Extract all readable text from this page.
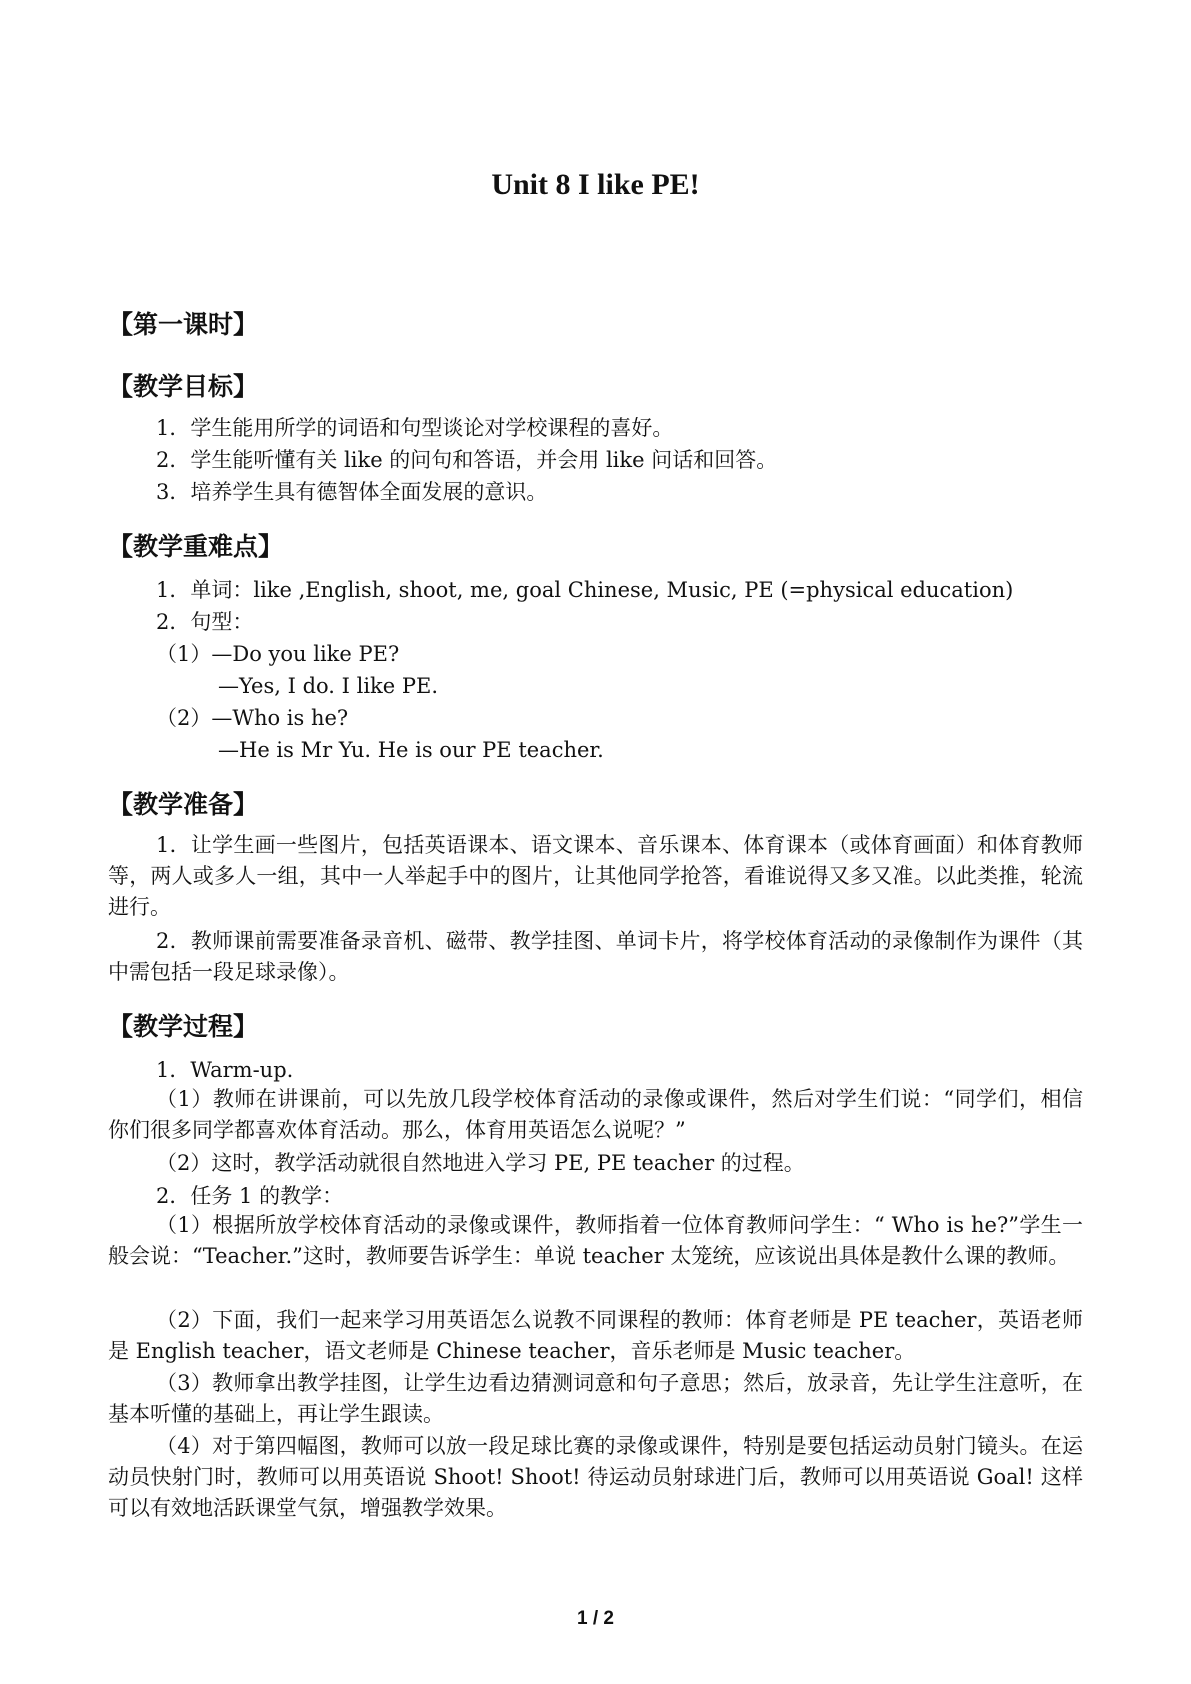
Unit 8 I like PE!
【第一课时】
【教学目标】
1．学生能用所学的词语和句型谈论对学校课程的喜好。
2．学生能听懂有关 like 的问句和答语，并会用 like 问话和回答。
3．培养学生具有德智体全面发展的意识。
【教学重难点】
1．单词：like ,English, shoot, me, goal Chinese, Music, PE (=physical education)
2．句型：
（1）—Do you like PE?
—Yes, I do. I like PE.
（2）—Who is he?
—He is Mr Yu. He is our PE teacher.
【教学准备】
1．让学生画一些图片，包括英语课本、语文课本、音乐课本、体育课本（或体育画面）和体育教师等，两人或多人一组，其中一人举起手中的图片，让其他同学抢答，看谁说得又多又准。以此类推，轮流进行。
2．教师课前需要准备录音机、磁带、教学挂图、单词卡片，将学校体育活动的录像制作为课件（其中需包括一段足球录像）。
【教学过程】
1．Warm-up.
（1）教师在讲课前，可以先放几段学校体育活动的录像或课件，然后对学生们说：“同学们，相信你们很多同学都喜欢体育活动。那么，体育用英语怎么说呢？”
（2）这时，教学活动就很自然地进入学习 PE, PE teacher 的过程。
2．任务 1 的教学：
（1）根据所放学校体育活动的录像或课件，教师指着一位体育教师问学生：“ Who is he?”学生一般会说：“Teacher.”这时，教师要告诉学生：单说 teacher 太笼统，应该说出具体是教什么课的教师。
（2）下面，我们一起来学习用英语怎么说教不同课程的教师：体育老师是 PE teacher，英语老师是 English teacher，语文老师是 Chinese teacher，音乐老师是 Music teacher。
（3）教师拿出教学挂图，让学生边看边猜测词意和句子意思；然后，放录音，先让学生注意听，在基本听懂的基础上，再让学生跟读。
（4）对于第四幅图，教师可以放一段足球比赛的录像或课件，特别是要包括运动员射门镜头。在运动员快射门时，教师可以用英语说 Shoot! Shoot! 待运动员射球进门后，教师可以用英语说 Goal! 这样可以有效地活跃课堂气氛，增强教学效果。
1 / 2
